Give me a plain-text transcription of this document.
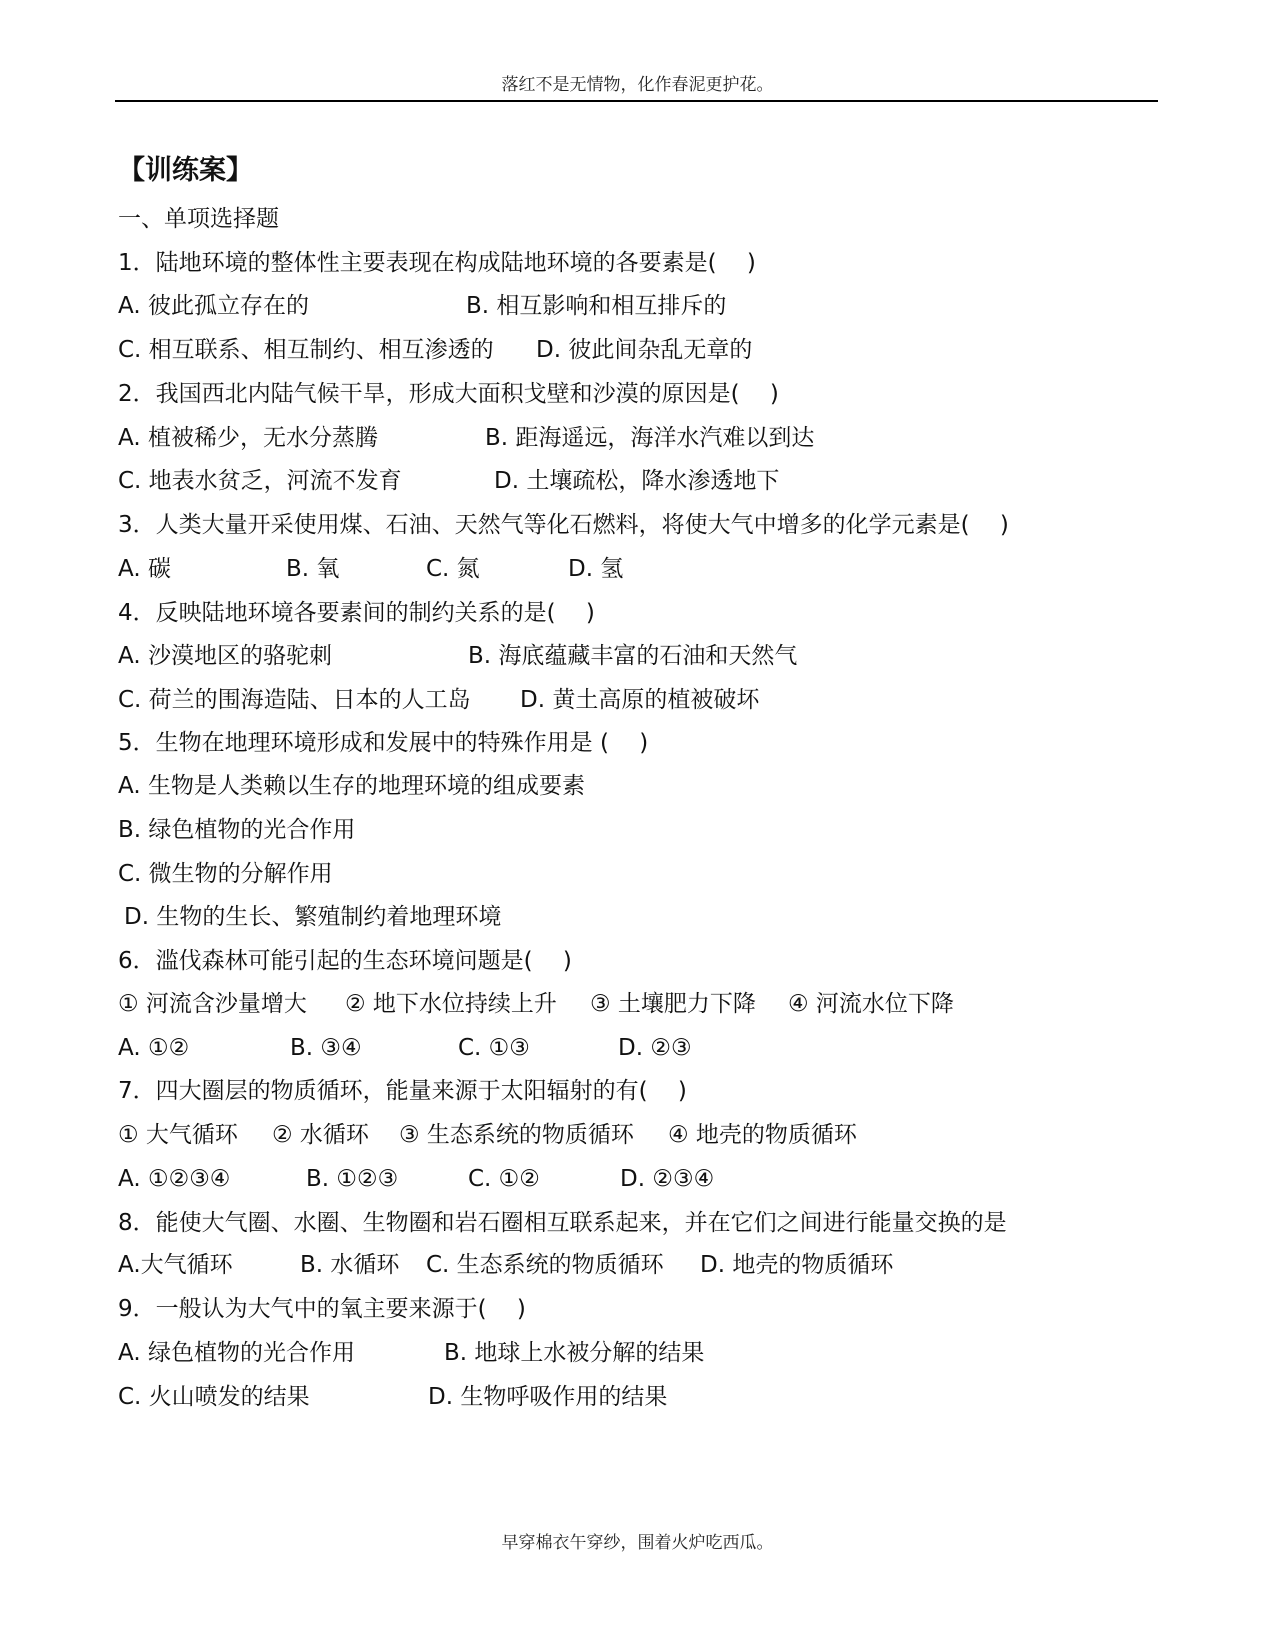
落红不是无情物，化作春泥更护花。
【训练案】
一、单项选择题
1．陆地环境的整体性主要表现在构成陆地环境的各要素是(　 )
A. 彼此孤立存在的	B. 相互影响和相互排斥的
C. 相互联系、相互制约、相互渗透的 D. 彼此间杂乱无章的
2．我国西北内陆气候干旱，形成大面积戈壁和沙漠的原因是(　 )
A. 植被稀少，无水分蒸腾	B. 距海遥远，海洋水汽难以到达
C. 地表水贫乏，河流不发育	D. 土壤疏松，降水渗透地下
3．人类大量开采使用煤、石油、天然气等化石燃料，将使大气中增多的化学元素是(　 )
A. 碳	B. 氧	C. 氮	D. 氢
4．反映陆地环境各要素间的制约关系的是(　 )
A. 沙漠地区的骆驼刺	B. 海底蕴藏丰富的石油和天然气
C. 荷兰的围海造陆、日本的人工岛 D. 黄土高原的植被破坏
5．生物在地理环境形成和发展中的特殊作用是 (　 )
A. 生物是人类赖以生存的地理环境的组成要素
B. 绿色植物的光合作用
C. 微生物的分解作用
D. 生物的生长、繁殖制约着地理环境
6．滥伐森林可能引起的生态环境问题是(　 )
① 河流含沙量增大 ② 地下水位持续上升 ③ 土壤肥力下降 ④ 河流水位下降
A. ①②	B. ③④	C. ①③	D. ②③
7．四大圈层的物质循环，能量来源于太阳辐射的有(　 )
① 大气循环 ② 水循环 ③ 生态系统的物质循环 ④ 地壳的物质循环
A. ①②③④	B. ①②③	C. ①②	D. ②③④
8．能使大气圈、水圈、生物圈和岩石圈相互联系起来，并在它们之间进行能量交换的是
A.大气循环	B. 水循环 C. 生态系统的物质循环 D. 地壳的物质循环
9．一般认为大气中的氧主要来源于(　 )
A. 绿色植物的光合作用	B. 地球上水被分解的结果
C. 火山喷发的结果	D. 生物呼吸作用的结果
早穿棉衣午穿纱，围着火炉吃西瓜。
